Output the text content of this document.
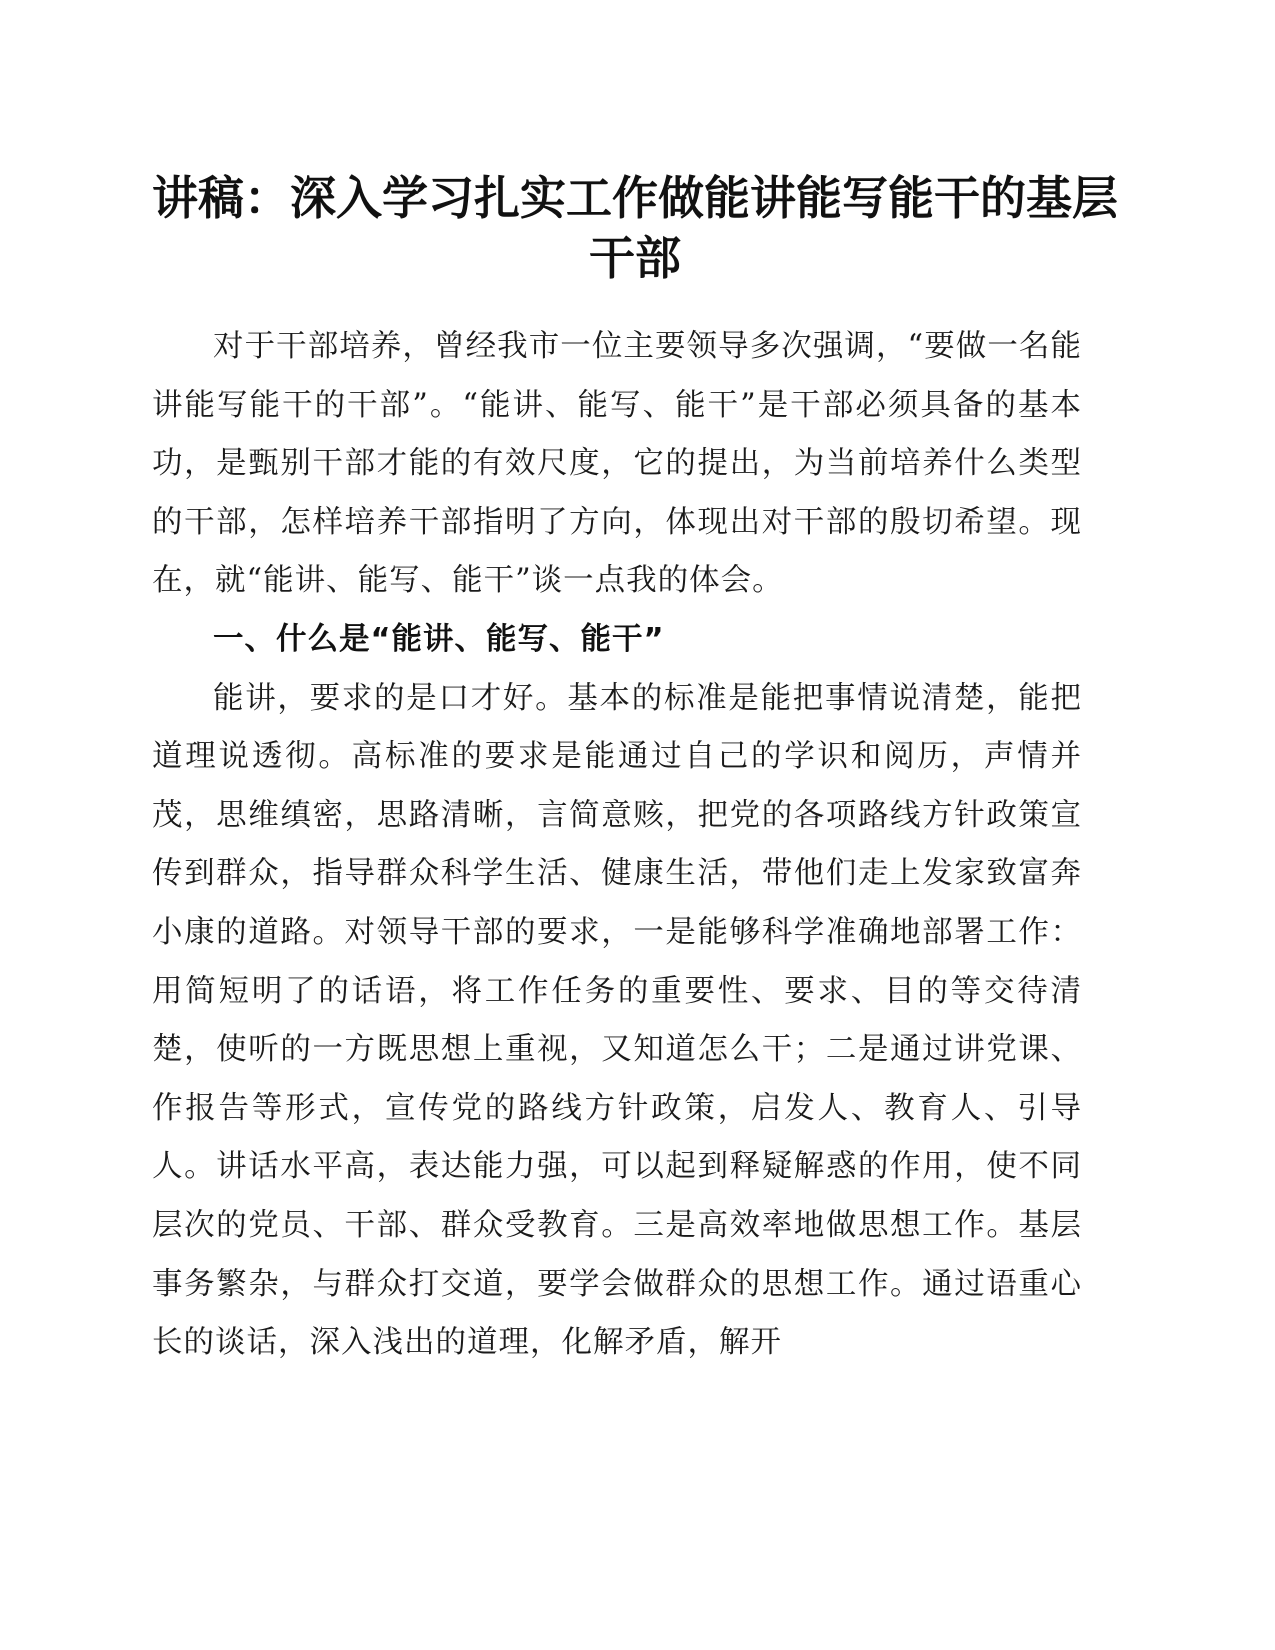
讲稿：深入学习扎实工作做能讲能写能干的基层干部

对于干部培养，曾经我市一位主要领导多次强调，“要做一名能讲能写能干的干部”。“能讲、能写、能干”是干部必须具备的基本功，是甄别干部才能的有效尺度，它的提出，为当前培养什么类型的干部，怎样培养干部指明了方向，体现出对干部的殷切希望。现在，就“能讲、能写、能干”谈一点我的体会。

一、什么是“能讲、能写、能干”

能讲，要求的是口才好。基本的标准是能把事情说清楚，能把道理说透彻。高标准的要求是能通过自己的学识和阅历，声情并茂，思维缜密，思路清晰，言简意赅，把党的各项路线方针政策宣传到群众，指导群众科学生活、健康生活，带他们走上发家致富奔小康的道路。对领导干部的要求，一是能够科学准确地部署工作：用简短明了的话语，将工作任务的重要性、要求、目的等交待清楚，使听的一方既思想上重视，又知道怎么干；二是通过讲党课、作报告等形式，宣传党的路线方针政策，启发人、教育人、引导人。讲话水平高，表达能力强，可以起到释疑解惑的作用，使不同层次的党员、干部、群众受教育。三是高效率地做思想工作。基层事务繁杂，与群众打交道，要学会做群众的思想工作。通过语重心长的谈话，深入浅出的道理，化解矛盾，解开
